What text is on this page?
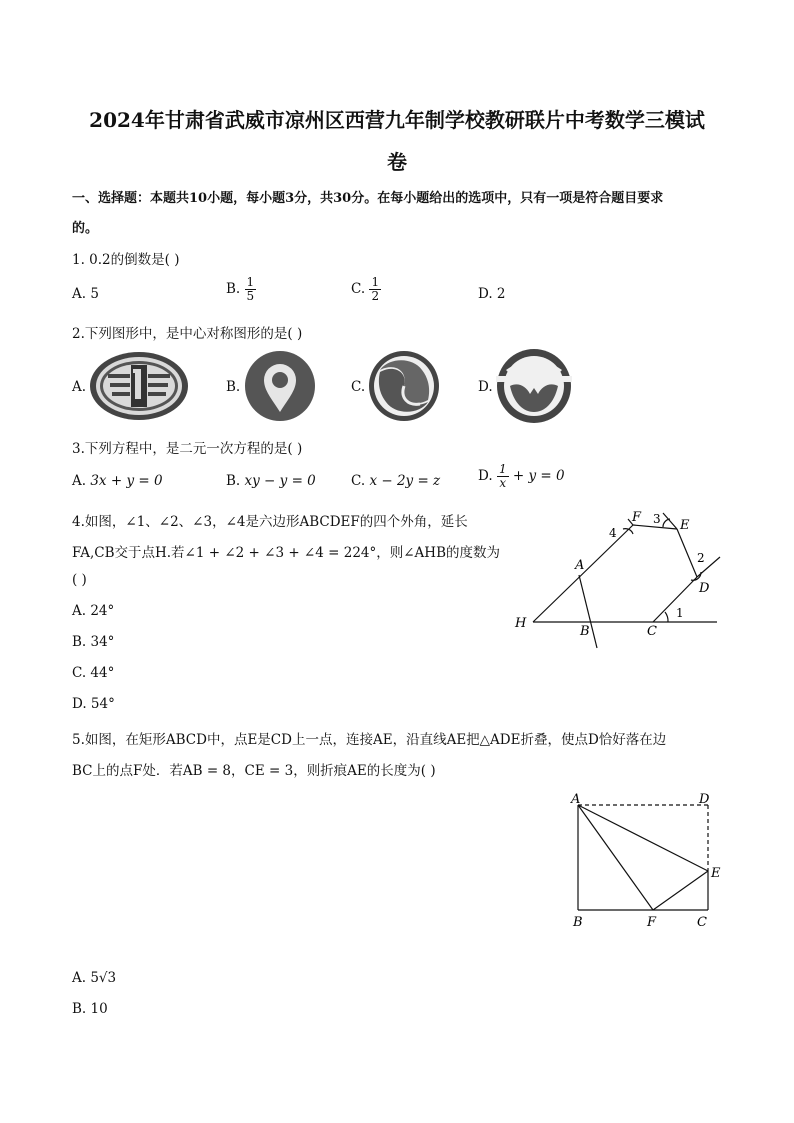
2024年甘肃省武威市凉州区西营九年制学校教研联片中考数学三模试
卷
一、选择题：本题共10小题，每小题3分，共30分。在每小题给出的选项中，只有一项是符合题目要求
的。
1. 0.2的倒数是( )
A. 5	B. $\frac{1}{5}$	C. $\frac{1}{2}$	D. 2
2.下列图形中，是中心对称图形的是( )
A.	B.	C.	D.
3.下列方程中，是二元一次方程的是( )
A. 3x + y = 0	B. xy − y = 0	C. x − 2y = z	D. $\frac{1}{x} + y = 0$
4.如图，∠1、∠2、∠3，∠4是六边形ABCDEF的四个外角，延长
FA,CB交于点H.若∠1 + ∠2 + ∠3 + ∠4 = 224°，则∠AHB的度数为
( )
A. 24°
B. 34°
C. 44°
D. 54°
F
E
D
C
B
A
H
1
2
3
4
5.如图，在矩形ABCD中，点E是CD上一点，连接AE，沿直线AE把△ADE折叠，使点D恰好落在边
BC上的点F处．若AB = 8，CE = 3，则折痕AE的长度为( )
A	D
E
B	F	C
A. 5√3
B. 10
